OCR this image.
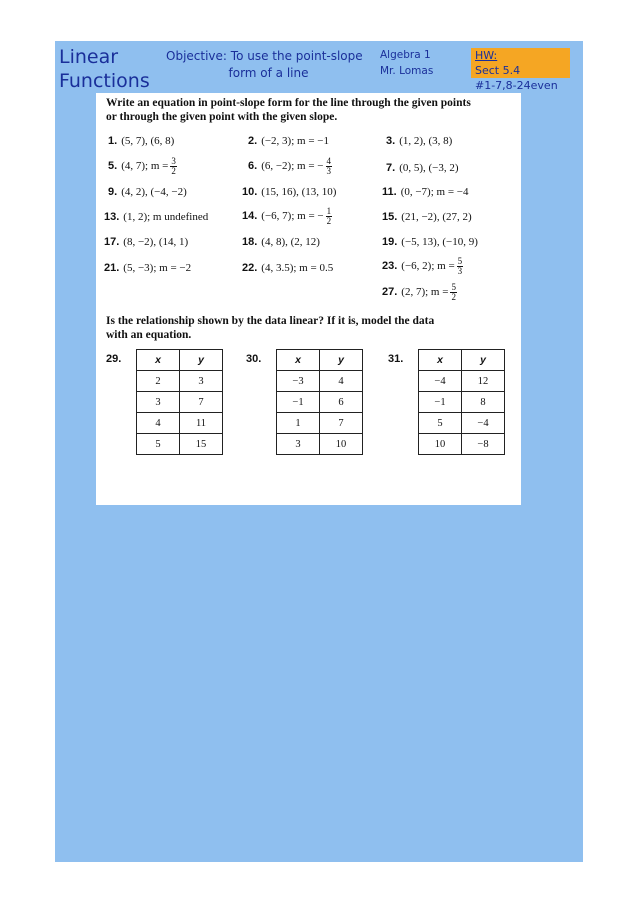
Linear
Functions
Objective: To use the point-slope
form of a line
Algebra 1
Mr. Lomas
HW:
Sect 5.4
#1-7,8-24even
Write an equation in point-slope form for the line through the given points
or through the given point with the given slope.
1. (5, 7), (6, 8)	2. (−2, 3); m = −1	3. (1, 2), (3, 8)
5. (4, 7); $m = \frac{3}{2}$	6. (6, −2); m = − $\frac{4}{3}$	7. (0, 5), (−3, 2)
9. (4, 2), (−4, −2)	10. (15, 16), (13, 10)	11. (0, −7); m = −4
13. (1, 2); m undefined	14. (−6, 7); m = − $\frac{1}{2}$	15. (21, −2), (27, 2)
17. (8, −2), (14, 1)	18. (4, 8), (2, 12)	19. (−5, 13), (−10, 9)
21. (5, −3); m = −2	22. (4, 3.5); m = 0.5	23. (−6, 2); $m = \frac{5}{3}$
27. (2, 7); $m = \frac{5}{2}$
Is the relationship shown by the data linear? If it is, model the data
with an equation.
29.	x	y
2	3
3	7
4	11
5	15
30.	x	y
−3	4
−1	6
1	7
3	10
31.	x	y
−4	12
−1	8
5	−4
10	−8
